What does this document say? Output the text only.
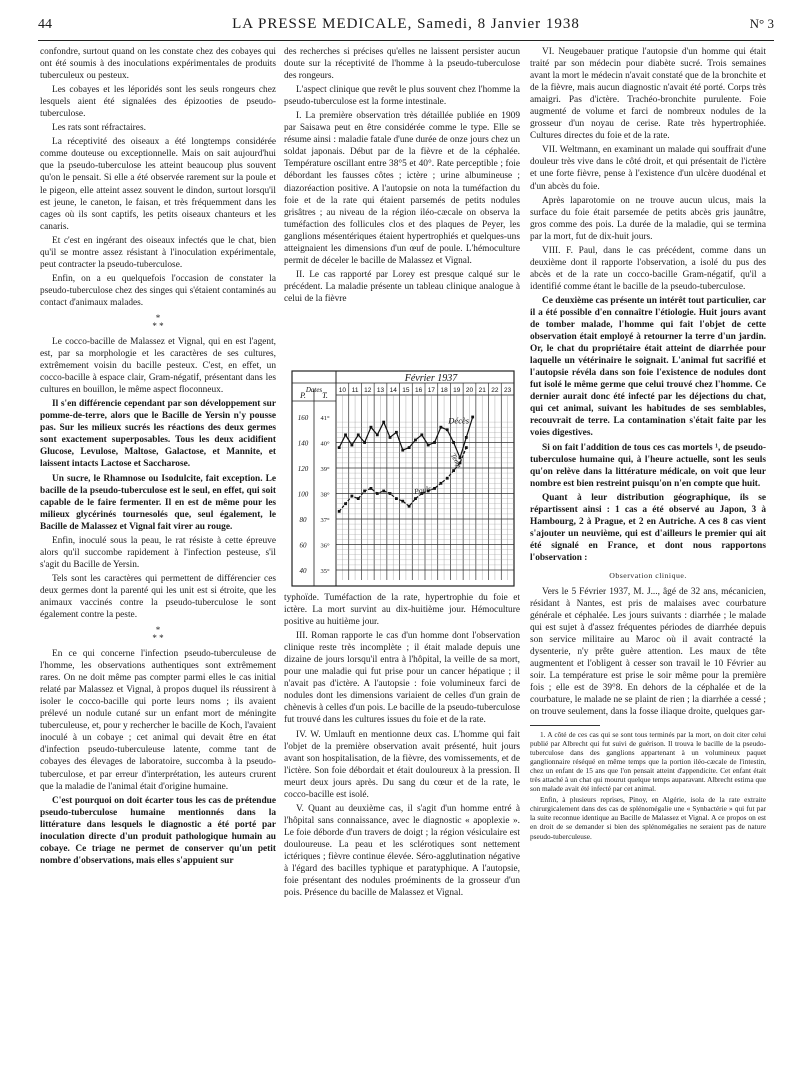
44	LA PRESSE MEDICALE, Samedi, 8 Janvier 1938	N° 3

confondre, surtout quand on les constate chez des cobayes qui ont été soumis à des inoculations expérimentales de produits tuberculeux ou pesteux.

Les cobayes et les léporidés sont les seuls rongeurs chez lesquels aient été signalées des épizooties de pseudo-tuberculose.

Les rats sont réfractaires.

La réceptivité des oiseaux a été longtemps considérée comme douteuse ou exceptionnelle. Mais on sait aujourd'hui que la pseudo-tuberculose les atteint beaucoup plus souvent qu'on le pensait. Si elle a été observée rarement sur la poule et le pigeon, elle atteint assez souvent le dindon, surtout lorsqu'il est jeune, le caneton, le faisan, et très fréquemment dans les cages où ils sont captifs, les petits oiseaux chanteurs et les canaris.

Et c'est en ingérant des oiseaux infectés que le chat, bien qu'il se montre assez résistant à l'inoculation expérimentale, peut contracter la pseudo-tuberculose.

Enfin, on a eu quelquefois l'occasion de constater la pseudo-tuberculose chez des singes qui s'étaient contaminés au contact d'animaux malades.

*
* *

Le cocco-bacille de Malassez et Vignal, qui en est l'agent, est, par sa morphologie et les caractères de ses cultures, extrêmement voisin du bacille pesteux. C'est, en effet, un cocco-bacille à espace clair, Gram-négatif, présentant dans les cultures en bouillon, le même aspect floconneux.

Il s'en différencie cependant par son développement sur pomme-de-terre, alors que le Bacille de Yersin n'y pousse pas. Sur les milieux sucrés les réactions des deux germes sont exactement superposables. Tous les deux acidifient Glucose, Levulose, Maltose, Galactose, et Mannite, et laissent intacts Lactose et Saccharose.

Un sucre, le Rhamnose ou Isodulcite, fait exception. Le bacille de la pseudo-tuberculose est le seul, en effet, qui soit capable de le faire fermenter. Il en est de même pour les milieux glycérinés tournesolés que, seul également, le Bacille de Malassez et Vignal fait virer au rouge.

Enfin, inoculé sous la peau, le rat résiste à cette épreuve alors qu'il succombe rapidement à l'infection pesteuse, s'il s'agit du Bacille de Yersin.

Tels sont les caractères qui permettent de différencier ces deux germes dont la parenté qui les unit est si étroite, que les animaux vaccinés contre la pseudo-tuberculose le sont également contre la peste.

*
* *

En ce qui concerne l'infection pseudo-tuberculeuse de l'homme, les observations authentiques sont extrêmement rares. On ne doit même pas compter parmi elles le cas initial relaté par Malassez et Vignal, à propos duquel ils réussirent à isoler le cocco-bacille qui porte leurs noms ; ils avaient prélevé un nodule cutané sur un enfant mort de méningite tuberculeuse, et, pour y rechercher le bacille de Koch, l'avaient inoculé à un cobaye ; cet animal qui devait être en état d'infection pseudo-tuberculeuse latente, comme tant de cobayes des élevages de laboratoire, succomba à la pseudo-tuberculose, et par erreur d'interprétation, les auteurs crurent que la maladie de l'animal était d'origine humaine.

C'est pourquoi on doit écarter tous les cas de prétendue pseudo-tuberculose humaine mentionnés dans la littérature dans lesquels le diagnostic a été porté par inoculation directe d'un produit pathologique humain au cobaye. Ce triage ne permet de conserver qu'un petit nombre d'observations, mais elles s'appuient sur

des recherches si précises qu'elles ne laissent persister aucun doute sur la réceptivité de l'homme à la pseudo-tuberculose des rongeurs.

L'aspect clinique que revêt le plus souvent chez l'homme la pseudo-tuberculose est la forme intestinale.

I. La première observation très détaillée publiée en 1909 par Saisawa peut en être considérée comme le type. Elle se résume ainsi : maladie fatale d'une durée de onze jours chez un soldat japonais. Début par de la fièvre et de la céphalée. Température oscillant entre 38°5 et 40°. Rate perceptible ; foie débordant les fausses côtes ; ictère ; urine albumineuse ; diazoréaction positive. A l'autopsie on nota la tuméfaction du foie et de la rate qui étaient parsemés de petits nodules grisâtres ; au niveau de la région iléo-cæcale on observa la tuméfaction des follicules clos et des plaques de Peyer, les ganglions mésentériques étaient hypertrophiés et quelques-uns atteignaient les dimensions d'un œuf de poule. L'hémoculture permit de déceler le bacille de Malassez et Vignal.

II. Le cas rapporté par Lorey est presque calqué sur le précédent. La maladie présente un tableau clinique analogue à celui de la fièvre

Février 1937
Dates
P. T.
10 11 12 13 14 15 16 17 18 19 20 21 22 23
41°
160
40°
140
39°
120
38°
100
37°
80
36°
60
35°
40
Décès
Pouls
Temp

typhoïde. Tuméfaction de la rate, hypertrophie du foie et ictère. La mort survint au dix-huitième jour. Hémoculture positive au huitième jour.

III. Roman rapporte le cas d'un homme dont l'observation clinique reste très incomplète ; il était malade depuis une dizaine de jours lorsqu'il entra à l'hôpital, la veille de sa mort, pour une maladie qui fut prise pour un cancer hépatique ; il n'avait pas d'ictère. A l'autopsie : foie volumineux farci de nodules dont les dimensions variaient de celles d'un grain de chènevis à celles d'un pois. Le bacille de la pseudo-tuberculose fut trouvé dans les cultures issues du foie et de la rate.

IV. W. Umlauft en mentionne deux cas. L'homme qui fait l'objet de la première observation avait présenté, huit jours avant son hospitalisation, de la fièvre, des vomissements, et de l'ictère. Son foie débordait et était douloureux à la pression. Il meurt deux jours après. Du sang du cœur et de la rate, le cocco-bacille est isolé.

V. Quant au deuxième cas, il s'agit d'un homme entré à l'hôpital sans connaissance, avec le diagnostic « apoplexie ». Le foie déborde d'un travers de doigt ; la région vésiculaire est douloureuse. La peau et les sclérotiques sont nettement ictériques ; fièvre continue élevée. Séro-agglutination négative à l'égard des bacilles typhique et paratyphique. A l'autopsie, foie présentant des nodules proéminents de la grosseur d'un pois. Présence du bacille de Malassez et Vignal.

VI. Neugebauer pratique l'autopsie d'un homme qui était traité par son médecin pour diabète sucré. Trois semaines avant la mort le médecin n'avait constaté que de la bronchite et de la fièvre, mais aucun diagnostic n'avait été porté. Corps très amaigri. Pas d'ictère. Trachéo-bronchite purulente. Foie augmenté de volume et farci de nombreux nodules de la grosseur d'un noyau de cerise. Rate très hypertrophiée. Cultures directes du foie et de la rate.

VII. Weltmann, en examinant un malade qui souffrait d'une douleur très vive dans le côté droit, et qui présentait de l'ictère et une forte fièvre, pense à l'existence d'un ulcère duodénal et d'un abcès du foie.

Après laparotomie on ne trouve aucun ulcus, mais la surface du foie était parsemée de petits abcès gris jaunâtre, gros comme des pois. La durée de la maladie, qui se termina par la mort, fut de dix-huit jours.

VIII. F. Paul, dans le cas précédent, comme dans un deuxième dont il rapporte l'observation, a isolé du pus des abcès et de la rate un cocco-bacille Gram-négatif, qu'il a identifié comme étant le bacille de la pseudo-tuberculose.

Ce deuxième cas présente un intérêt tout particulier, car il a été possible d'en connaître l'étiologie. Huit jours avant de tomber malade, l'homme qui fait l'objet de cette observation était employé à retourner la terre d'un jardin. Or, le chat du propriétaire était atteint de diarrhée pour laquelle un vétérinaire le soignait. L'animal fut sacrifié et l'autopsie révéla dans son foie l'existence de nodules dont fut isolé le même germe que celui trouvé chez l'homme. Ce dernier aurait donc été infecté par les déjections du chat, qui cet animal, suivant les habitudes de ses semblables, recouvrait de terre. La contamination s'était faite par les voies digestives.

Si on fait l'addition de tous ces cas mortels ¹, de pseudo-tuberculose humaine qui, à l'heure actuelle, sont les seuls qu'on relève dans la littérature médicale, on voit que leur nombre est bien restreint puisqu'on n'en compte que huit.

Quant à leur distribution géographique, ils se répartissent ainsi : 1 cas a été observé au Japon, 3 à Hambourg, 2 à Prague, et 2 en Autriche. A ces 8 cas vient s'ajouter un neuvième, qui est d'ailleurs le premier qui ait été signalé en France, et dont nous rapportons l'observation :

Observation clinique.

Vers le 5 Février 1937, M. J..., âgé de 32 ans, mécanicien, résidant à Nantes, est pris de malaises avec courbature générale et céphalée. Les jours suivants : diarrhée ; le malade qui est sujet à d'assez fréquentes périodes de diarrhée depuis son service militaire au Maroc où il avait contracté la dysenterie, n'y prête guère attention. Les maux de tête augmentent et l'obligent à cesser son travail le 10 Février au soir. La température est prise le soir même pour la première fois ; elle est de 39°8. En dehors de la céphalée et de la courbature, le malade ne se plaint de rien ; la diarrhée a cessé ; on trouve seulement, dans la fosse iliaque droite, quelques gar-

1. A côté de ces cas qui se sont tous terminés par la mort, on doit citer celui publié par Albrecht qui fut suivi de guérison. Il trouva le bacille de la pseudo-tuberculose dans des ganglions appartenant à un volumineux paquet ganglionnaire réséqué en même temps que la portion iléo-cæcale de l'intestin, chez un enfant de 15 ans que l'on pensait atteint d'appendicite. Cet enfant était très attaché à un chat qui mourut quelque temps auparavant. Albrecht estima que son malade avait été infecté par cet animal.

Enfin, à plusieurs reprises, Pinoy, en Algérie, isola de la rate extraite chirurgicalement dans des cas de splénomégalie une « Synbactérie » qui fut par la suite reconnue identique au Bacille de Malassez et Vignal. A ce propos on est en droit de se demander si bien des splénomégalies ne seraient pas de nature pseudo-tuberculeuse.
